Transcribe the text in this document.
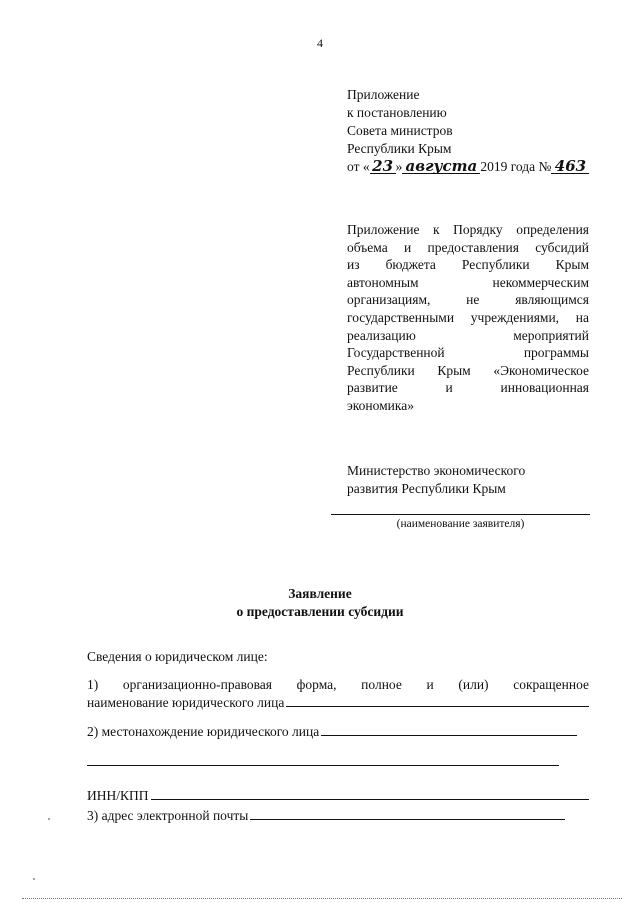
4
Приложение
к постановлению
Совета министров
Республики Крым
от « 23 » августа 2019 года № 463
Приложение к Порядку определения
объема и предоставления субсидий
из бюджета Республики Крым
автономным некоммерческим
организациям, не являющимся
государственными учреждениями, на
реализацию мероприятий
Государственной программы
Республики Крым «Экономическое
развитие и инновационная
экономика»
Министерство экономического
развития Республики Крым
(наименование заявителя)
Заявление
о предоставлении субсидии
Сведения о юридическом лице:
1) организационно-правовая форма, полное и (или) сокращенное
наименование юридического лица
2) местонахождение юридического лица
ИНН/КПП
3) адрес электронной почты
